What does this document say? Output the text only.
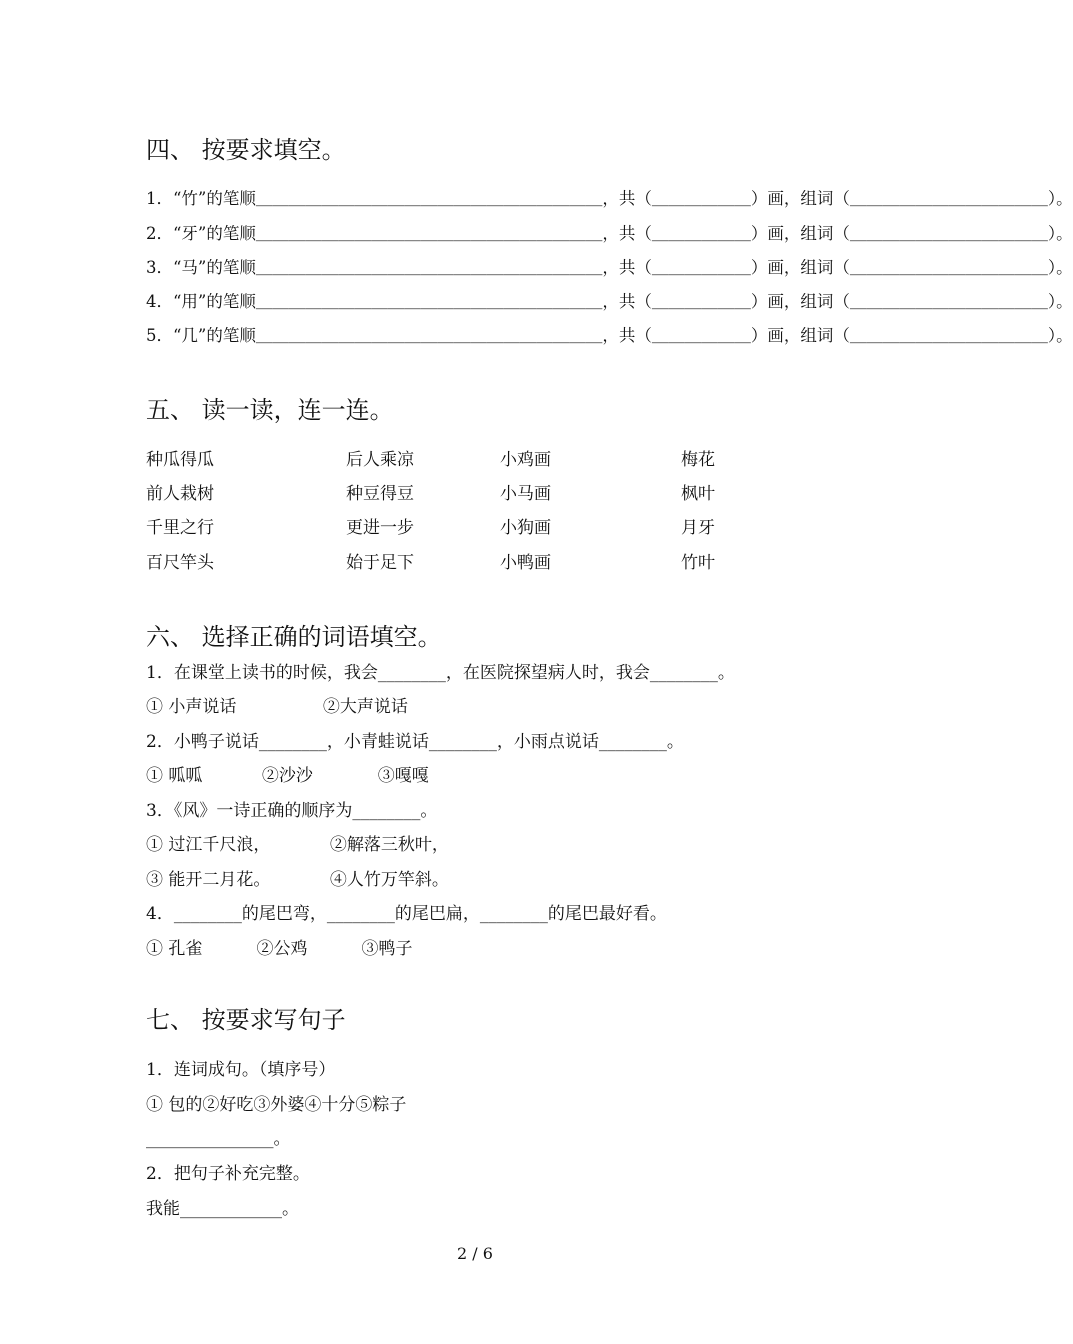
四、 按要求填空。
1．“竹”的笔顺＿＿＿＿＿＿＿＿＿＿＿＿＿＿＿＿＿＿＿＿＿，共（＿＿＿＿＿＿）画，组词（＿＿＿＿＿＿＿＿＿＿＿＿）。
2．“牙”的笔顺＿＿＿＿＿＿＿＿＿＿＿＿＿＿＿＿＿＿＿＿＿，共（＿＿＿＿＿＿）画，组词（＿＿＿＿＿＿＿＿＿＿＿＿）。
3．“马”的笔顺＿＿＿＿＿＿＿＿＿＿＿＿＿＿＿＿＿＿＿＿＿，共（＿＿＿＿＿＿）画，组词（＿＿＿＿＿＿＿＿＿＿＿＿）。
4．“用”的笔顺＿＿＿＿＿＿＿＿＿＿＿＿＿＿＿＿＿＿＿＿＿，共（＿＿＿＿＿＿）画，组词（＿＿＿＿＿＿＿＿＿＿＿＿）。
5．“几”的笔顺＿＿＿＿＿＿＿＿＿＿＿＿＿＿＿＿＿＿＿＿＿，共（＿＿＿＿＿＿）画，组词（＿＿＿＿＿＿＿＿＿＿＿＿）。
五、 读一读，连一连。
种瓜得瓜	后人乘凉	小鸡画	梅花
前人栽树	种豆得豆	小马画	枫叶
千里之行	更进一步	小狗画	月牙
百尺竿头	始于足下	小鸭画	竹叶
六、 选择正确的词语填空。
1．在课堂上读书的时候，我会________，在医院探望病人时，我会________。
① 小声说话                ②大声说话
2．小鸭子说话________，小青蛙说话________，小雨点说话________。
① 呱呱           ②沙沙            ③嘎嘎
3．《风》一诗正确的顺序为________。
① 过江千尺浪，           ②解落三秋叶，
③ 能开二月花。           ④人竹万竿斜。
4．________的尾巴弯，________的尾巴扁，________的尾巴最好看。
① 孔雀          ②公鸡          ③鸭子
七、 按要求写句子
1．连词成句。（填序号）
① 包的②好吃③外婆④十分⑤粽子
_______________。
2．把句子补充完整。
我能____________。
2 / 6
